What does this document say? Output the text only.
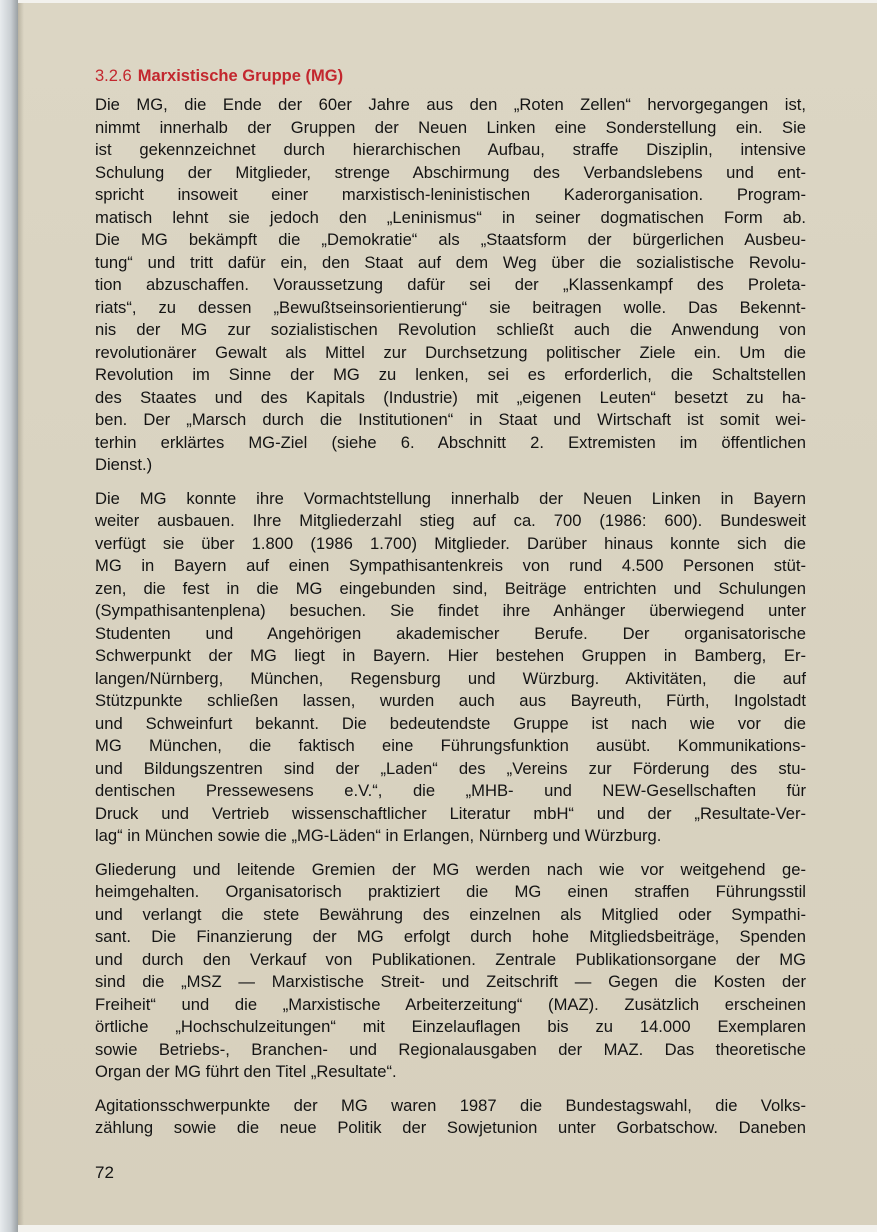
3.2.6 Marxistische Gruppe (MG)

Die MG, die Ende der 60er Jahre aus den „Roten Zellen“ hervorgegangen ist,
nimmt innerhalb der Gruppen der Neuen Linken eine Sonderstellung ein. Sie
ist gekennzeichnet durch hierarchischen Aufbau, straffe Disziplin, intensive
Schulung der Mitglieder, strenge Abschirmung des Verbandslebens und ent-
spricht insoweit einer marxistisch-leninistischen Kaderorganisation. Program-
matisch lehnt sie jedoch den „Leninismus“ in seiner dogmatischen Form ab.
Die MG bekämpft die „Demokratie“ als „Staatsform der bürgerlichen Ausbeu-
tung“ und tritt dafür ein, den Staat auf dem Weg über die sozialistische Revolu-
tion abzuschaffen. Voraussetzung dafür sei der „Klassenkampf des Proleta-
riats“, zu dessen „Bewußtseinsorientierung“ sie beitragen wolle. Das Bekennt-
nis der MG zur sozialistischen Revolution schließt auch die Anwendung von
revolutionärer Gewalt als Mittel zur Durchsetzung politischer Ziele ein. Um die
Revolution im Sinne der MG zu lenken, sei es erforderlich, die Schaltstellen
des Staates und des Kapitals (Industrie) mit „eigenen Leuten“ besetzt zu ha-
ben. Der „Marsch durch die Institutionen“ in Staat und Wirtschaft ist somit wei-
terhin erklärtes MG-Ziel (siehe 6. Abschnitt 2. Extremisten im öffentlichen
Dienst.)

Die MG konnte ihre Vormachtstellung innerhalb der Neuen Linken in Bayern
weiter ausbauen. Ihre Mitgliederzahl stieg auf ca. 700 (1986: 600). Bundesweit
verfügt sie über 1.800 (1986 1.700) Mitglieder. Darüber hinaus konnte sich die
MG in Bayern auf einen Sympathisantenkreis von rund 4.500 Personen stüt-
zen, die fest in die MG eingebunden sind, Beiträge entrichten und Schulungen
(Sympathisantenplena) besuchen. Sie findet ihre Anhänger überwiegend unter
Studenten und Angehörigen akademischer Berufe. Der organisatorische
Schwerpunkt der MG liegt in Bayern. Hier bestehen Gruppen in Bamberg, Er-
langen/Nürnberg, München, Regensburg und Würzburg. Aktivitäten, die auf
Stützpunkte schließen lassen, wurden auch aus Bayreuth, Fürth, Ingolstadt
und Schweinfurt bekannt. Die bedeutendste Gruppe ist nach wie vor die
MG München, die faktisch eine Führungsfunktion ausübt. Kommunikations-
und Bildungszentren sind der „Laden“ des „Vereins zur Förderung des stu-
dentischen Pressewesens e.V.“, die „MHB- und NEW-Gesellschaften für
Druck und Vertrieb wissenschaftlicher Literatur mbH“ und der „Resultate-Ver-
lag“ in München sowie die „MG-Läden“ in Erlangen, Nürnberg und Würzburg.

Gliederung und leitende Gremien der MG werden nach wie vor weitgehend ge-
heimgehalten. Organisatorisch praktiziert die MG einen straffen Führungsstil
und verlangt die stete Bewährung des einzelnen als Mitglied oder Sympathi-
sant. Die Finanzierung der MG erfolgt durch hohe Mitgliedsbeiträge, Spenden
und durch den Verkauf von Publikationen. Zentrale Publikationsorgane der MG
sind die „MSZ — Marxistische Streit- und Zeitschrift — Gegen die Kosten der
Freiheit“ und die „Marxistische Arbeiterzeitung“ (MAZ). Zusätzlich erscheinen
örtliche „Hochschulzeitungen“ mit Einzelauflagen bis zu 14.000 Exemplaren
sowie Betriebs-, Branchen- und Regionalausgaben der MAZ. Das theoretische
Organ der MG führt den Titel „Resultate“.

Agitationsschwerpunkte der MG waren 1987 die Bundestagswahl, die Volks-
zählung sowie die neue Politik der Sowjetunion unter Gorbatschow. Daneben

72
